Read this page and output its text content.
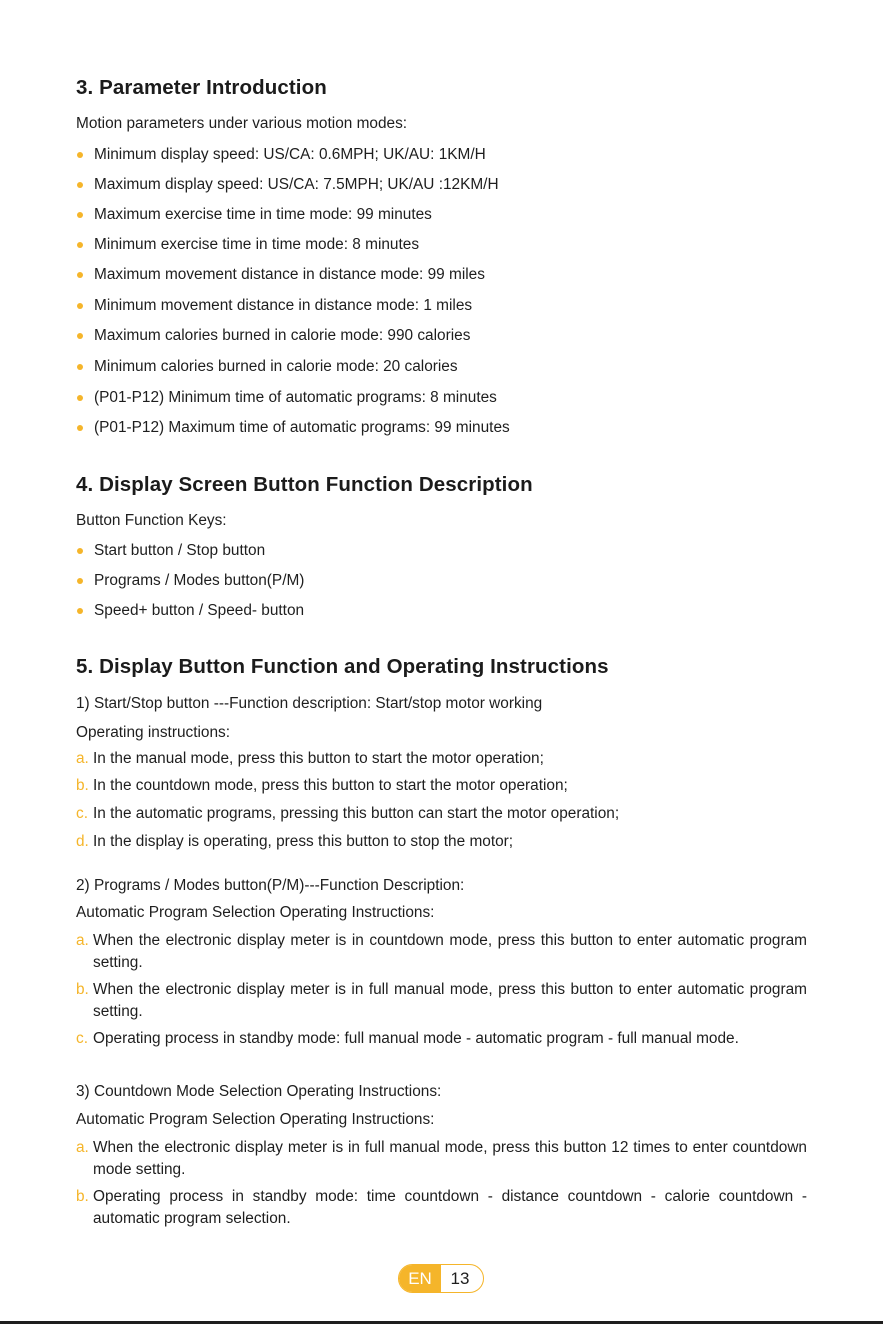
3. Parameter Introduction
Motion parameters under various motion modes:
Minimum display speed: US/CA: 0.6MPH; UK/AU: 1KM/H
Maximum display speed: US/CA: 7.5MPH; UK/AU :12KM/H
Maximum exercise time in time mode: 99 minutes
Minimum exercise time in time mode: 8 minutes
Maximum movement distance in distance mode: 99 miles
Minimum movement distance in distance mode: 1 miles
Maximum calories burned in calorie mode: 990 calories
Minimum calories burned in calorie mode: 20 calories
(P01-P12) Minimum time of automatic programs: 8 minutes
(P01-P12) Maximum time of automatic programs: 99 minutes
4. Display Screen Button Function Description
Button Function Keys:
Start button / Stop button
Programs / Modes button(P/M)
Speed+ button / Speed- button
5. Display Button Function and Operating Instructions
1) Start/Stop button ---Function description: Start/stop motor working
Operating instructions:
a. In the manual mode, press this button to start the motor operation;
b. In the countdown mode, press this button to start the motor operation;
c. In the automatic programs, pressing this button can start the motor operation;
d. In the display is operating, press this button to stop the motor;
2) Programs / Modes button(P/M)---Function Description:
Automatic Program Selection Operating Instructions:
a. When the electronic display meter is in countdown mode, press this button to enter automatic program setting.
b. When the electronic display meter is in full manual mode, press this button to enter automatic program setting.
c. Operating process in standby mode: full manual mode - automatic program - full manual mode.
3) Countdown Mode Selection Operating Instructions:
Automatic Program Selection Operating Instructions:
a. When the electronic display meter is in full manual mode, press this button 12 times to enter countdown mode setting.
b. Operating process in standby mode: time countdown - distance countdown - calorie countdown - automatic program selection.
EN	13
